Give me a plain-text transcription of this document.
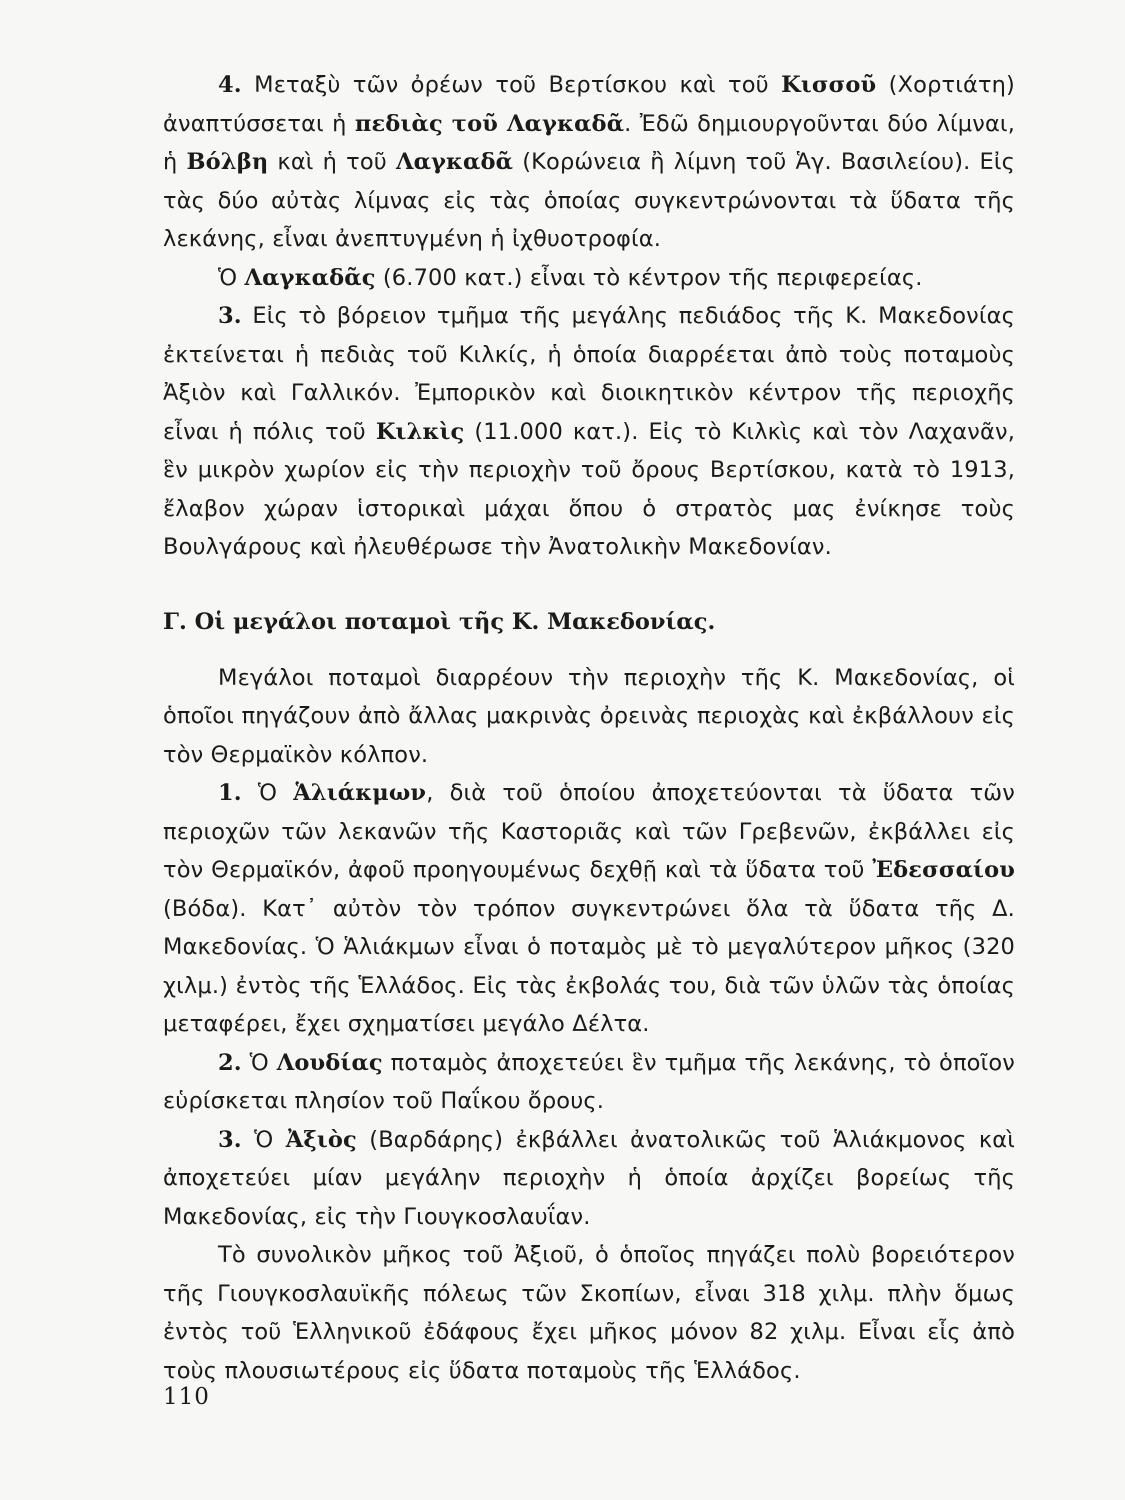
4. Μεταξὺ τῶν ὀρέων τοῦ Βερτίσκου καὶ τοῦ Κισσοῦ (Χορτιάτη) ἀναπτύσσεται ἡ πεδιὰς τοῦ Λαγκαδᾶ. Ἐδῶ δημιουργοῦνται δύο λίμναι, ἡ Βόλβη καὶ ἡ τοῦ Λαγκαδᾶ (Κορώνεια ἢ λίμνη τοῦ Ἁγ. Βασιλείου). Εἰς τὰς δύο αὐτὰς λίμνας εἰς τὰς ὁποίας συγκεντρώνονται τὰ ὕδατα τῆς λεκάνης, εἶναι ἀνεπτυγμένη ἡ ἰχθυοτροφία.

Ὁ Λαγκαδᾶς (6.700 κατ.) εἶναι τὸ κέντρον τῆς περιφερείας.

3. Εἰς τὸ βόρειον τμῆμα τῆς μεγάλης πεδιάδος τῆς Κ. Μακεδονίας ἐκτείνεται ἡ πεδιὰς τοῦ Κιλκίς, ἡ ὁποία διαρρέεται ἀπὸ τοὺς ποταμοὺς Ἀξιὸν καὶ Γαλλικόν. Ἐμπορικὸν καὶ διοικητικὸν κέντρον τῆς περιοχῆς εἶναι ἡ πόλις τοῦ Κιλκὶς (11.000 κατ.). Εἰς τὸ Κιλκὶς καὶ τὸν Λαχανᾶν, ἓν μικρὸν χωρίον εἰς τὴν περιοχὴν τοῦ ὄρους Βερτίσκου, κατὰ τὸ 1913, ἔλαβον χώραν ἱστορικαὶ μάχαι ὅπου ὁ στρατὸς μας ἐνίκησε τοὺς Βουλγάρους καὶ ἠλευθέρωσε τὴν Ἀνατολικὴν Μακεδονίαν.

Γ. Οἱ μεγάλοι ποταμοὶ τῆς Κ. Μακεδονίας.

Μεγάλοι ποταμοὶ διαρρέουν τὴν περιοχὴν τῆς Κ. Μακεδονίας, οἱ ὁποῖοι πηγάζουν ἀπὸ ἄλλας μακρινὰς ὀρεινὰς περιοχὰς καὶ ἐκβάλλουν εἰς τὸν Θερμαϊκὸν κόλπον.

1. Ὁ Ἁλιάκμων, διὰ τοῦ ὁποίου ἀποχετεύονται τὰ ὕδατα τῶν περιοχῶν τῶν λεκανῶν τῆς Καστοριᾶς καὶ τῶν Γρεβενῶν, ἐκβάλλει εἰς τὸν Θερμαϊκόν, ἀφοῦ προηγουμένως δεχθῇ καὶ τὰ ὕδατα τοῦ Ἐδεσσαίου (Βόδα). Κατ᾽ αὐτὸν τὸν τρόπον συγκεντρώνει ὅλα τὰ ὕδατα τῆς Δ. Μακεδονίας. Ὁ Ἁλιάκμων εἶναι ὁ ποταμὸς μὲ τὸ μεγαλύτερον μῆκος (320 χιλμ.) ἐντὸς τῆς Ἑλλάδος. Εἰς τὰς ἐκβολάς του, διὰ τῶν ὑλῶν τὰς ὁποίας μεταφέρει, ἔχει σχηματίσει μεγάλο Δέλτα.

2. Ὁ Λουδίας ποταμὸς ἀποχετεύει ἓν τμῆμα τῆς λεκάνης, τὸ ὁποῖον εὑρίσκεται πλησίον τοῦ Παΐκου ὄρους.

3. Ὁ Ἀξιὸς (Βαρδάρης) ἐκβάλλει ἀνατολικῶς τοῦ Ἁλιάκμονος καὶ ἀποχετεύει μίαν μεγάλην περιοχὴν ἡ ὁποία ἀρχίζει βορείως τῆς Μακεδονίας, εἰς τὴν Γιουγκοσλαυΐαν.

Τὸ συνολικὸν μῆκος τοῦ Ἀξιοῦ, ὁ ὁποῖος πηγάζει πολὺ βορειότερον τῆς Γιουγκοσλαυϊκῆς πόλεως τῶν Σκοπίων, εἶναι 318 χιλμ. πλὴν ὅμως ἐντὸς τοῦ Ἑλληνικοῦ ἐδάφους ἔχει μῆκος μόνον 82 χιλμ. Εἶναι εἷς ἀπὸ τοὺς πλουσιωτέρους εἰς ὕδατα ποταμοὺς τῆς Ἑλλάδος.

110
